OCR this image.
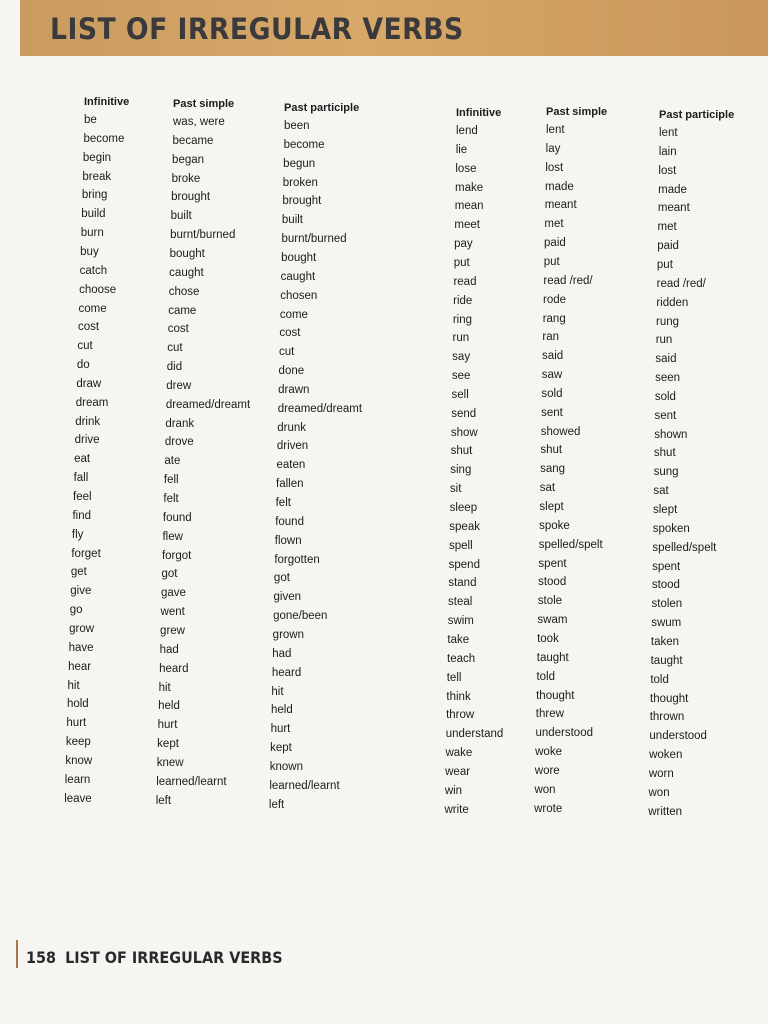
LIST OF IRREGULAR VERBS
Infinitive
be
become
begin
break
bring
build
burn
buy
catch
choose
come
cost
cut
do
draw
dream
drink
drive
eat
fall
feel
find
fly
forget
get
give
go
grow
have
hear
hit
hold
hurt
keep
know
learn
leave
Past simple
was, were
became
began
broke
brought
built
burnt/burned
bought
caught
chose
came
cost
cut
did
drew
dreamed/dreamt
drank
drove
ate
fell
felt
found
flew
forgot
got
gave
went
grew
had
heard
hit
held
hurt
kept
knew
learned/learnt
left
Past participle
been
become
begun
broken
brought
built
burnt/burned
bought
caught
chosen
come
cost
cut
done
drawn
dreamed/dreamt
drunk
driven
eaten
fallen
felt
found
flown
forgotten
got
given
gone/been
grown
had
heard
hit
held
hurt
kept
known
learned/learnt
left
Infinitive
lend
lie
lose
make
mean
meet
pay
put
read
ride
ring
run
say
see
sell
send
show
shut
sing
sit
sleep
speak
spell
spend
stand
steal
swim
take
teach
tell
think
throw
understand
wake
wear
win
write
Past simple
lent
lay
lost
made
meant
met
paid
put
read /red/
rode
rang
ran
said
saw
sold
sent
showed
shut
sang
sat
slept
spoke
spelled/spelt
spent
stood
stole
swam
took
taught
told
thought
threw
understood
woke
wore
won
wrote
Past participle
lent
lain
lost
made
meant
met
paid
put
read /red/
ridden
rung
run
said
seen
sold
sent
shown
shut
sung
sat
slept
spoken
spelled/spelt
spent
stood
stolen
swum
taken
taught
told
thought
thrown
understood
woken
worn
won
written
158 LIST OF IRREGULAR VERBS
